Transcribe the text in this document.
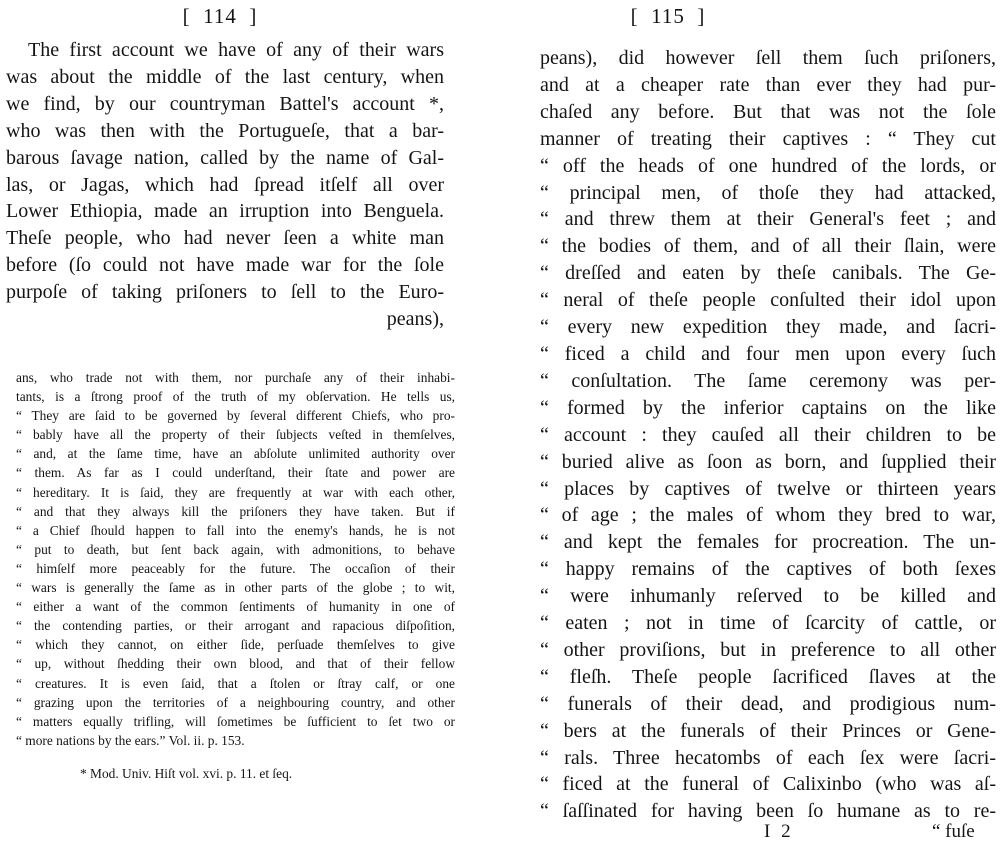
[  114  ]
The first account we have of any of their wars
was about the middle of the last century, when
we find, by our countryman Battel's account *,
who was then with the Portugueſe, that a bar-
barous ſavage nation, called by the name of Gal-
las, or Jagas, which had ſpread itſelf all over
Lower Ethiopia, made an irruption into Benguela.
Theſe people, who had never ſeen a white man
before (ſo could not have made war for the ſole
purpoſe of taking priſoners to ſell to the Euro-
peans),
ans, who trade not with them, nor purchaſe any of their inhabi-
tants, is a ſtrong proof of the truth of my obſervation. He tells us,
“ They are ſaid to be governed by ſeveral different Chiefs, who pro-
“ bably have all the property of their ſubjects veſted in themſelves,
“ and, at the ſame time, have an abſolute unlimited authority over
“ them. As far as I could underſtand, their ſtate and power are
“ hereditary. It is ſaid, they are frequently at war with each other,
“ and that they always kill the priſoners they have taken. But if
“ a Chief ſhould happen to fall into the enemy's hands, he is not
“ put to death, but ſent back again, with admonitions, to behave
“ himſelf more peaceably for the future. The occaſion of their
“ wars is generally the ſame as in other parts of the globe ; to wit,
“ either a want of the common ſentiments of humanity in one of
“ the contending parties, or their arrogant and rapacious diſpoſition,
“ which they cannot, on either ſide, perſuade themſelves to give
“ up, without ſhedding their own blood, and that of their fellow
“ creatures. It is even ſaid, that a ſtolen or ſtray calf, or one
“ grazing upon the territories of a neighbouring country, and other
“ matters equally trifling, will ſometimes be ſufficient to ſet two or
“ more nations by the ears.” Vol. ii. p. 153.
* Mod. Univ. Hiſt vol. xvi. p. 11. et ſeq.
[  115  ]
peans), did however ſell them ſuch priſoners,
and at a cheaper rate than ever they had pur-
chaſed any before. But that was not the ſole
manner of treating their captives : “ They cut
“ off the heads of one hundred of the lords, or
“ principal men, of thoſe they had attacked,
“ and threw them at their General's feet ; and
“ the bodies of them, and of all their ſlain, were
“ dreſſed and eaten by theſe canibals. The Ge-
“ neral of theſe people conſulted their idol upon
“ every new expedition they made, and ſacri-
“ ficed a child and four men upon every ſuch
“ conſultation. The ſame ceremony was per-
“ formed by the inferior captains on the like
“ account : they cauſed all their children to be
“ buried alive as ſoon as born, and ſupplied their
“ places by captives of twelve or thirteen years
“ of age ; the males of whom they bred to war,
“ and kept the females for procreation. The un-
“ happy remains of the captives of both ſexes
“ were inhumanly reſerved to be killed and
“ eaten ; not in time of ſcarcity of cattle, or
“ other proviſions, but in preference to all other
“ fleſh. Theſe people ſacrificed ſlaves at the
“ funerals of their dead, and prodigious num-
“ bers at the funerals of their Princes or Gene-
“ rals. Three hecatombs of each ſex were ſacri-
“ ficed at the funeral of Calixinbo (who was aſ-
“ ſaſſinated for having been ſo humane as to re-
I 2	“ fuſe
